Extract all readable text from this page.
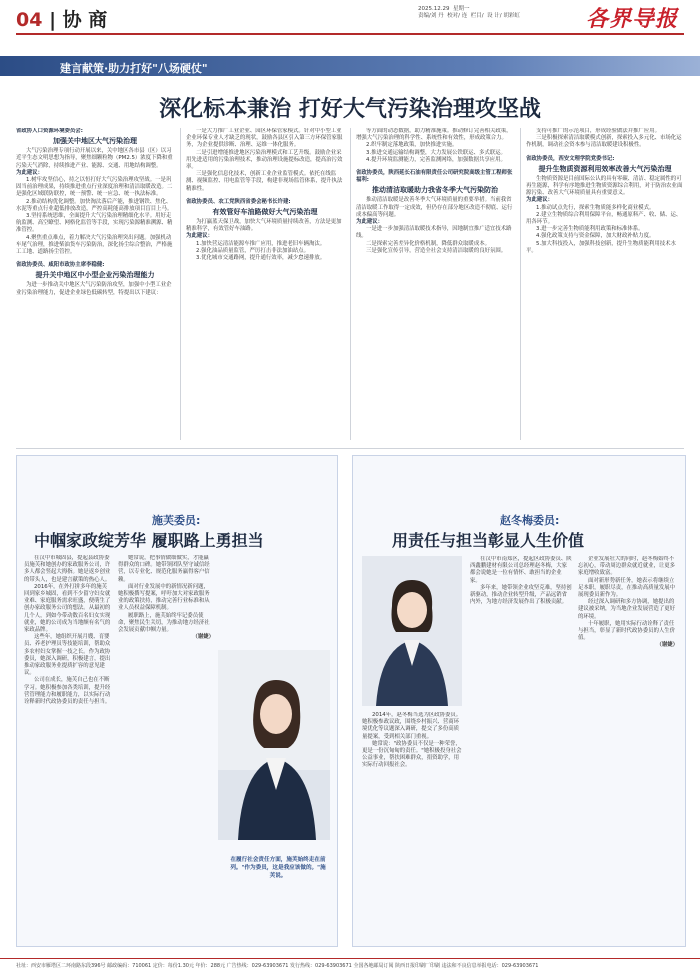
04 | 协 商	2025.12.29  星期一
责编/刘 丹  校对/ 连  栏目/  设 计/ 胡彩虹	各界导报
建言献策·助力打好"八场硬仗"
深化标本兼治 打好大气污染治理攻坚战
省政协人口资源环境委员会:
加强关中地区大气污染治理
大气污染治理专项行动开展以来，关中地区各市县（区）以习近平生态文明思想为指导，聚焦细颗粒物（PM2.5）浓度下降和重污染天气消除，持续推进产业、能源、交通、用地结构调整。
为此建议：
1.树牢攻坚信心，持之以恒打好大气污染治理攻坚战。一是巩固当前治理成果，持续推进重点行业深度治理和清洁取暖改造。二是强化区域联防联控，统一预警、统一应急、统一执法标准。
2.推动结构优化调整。加快淘汰落后产能，推进钢铁、焦化、水泥等重点行业超低排放改造，严控高耗能高排放项目盲目上马。
3.坚持系统思维，全面提升大气污染治理精细化水平。用好走航监测、高空瞭望、网格化监管等手段，实现污染源精准溯源、精准管控。
4.聚焦重点难点，着力解决大气污染治理突出问题。加强机动车尾气治理，推进柴油货车污染防治，深化扬尘综合整治，严格施工工地、道路扬尘管控。
省政协委员、咸阳市政协主席李稳健:
提升关中地区中小型企业污染治理能力
为进一步推动关中地区大气污染防治攻坚，加强中小型工业企业污染治理能力，促进企业绿色低碳转型，特提出以下建议：
一是大力推广工业企业、园区环保管家模式。针对中小型工业企业环保专业人才缺乏的现状，鼓励各县区引入第三方环保管家服务，为企业提供诊断、治理、运维一体化服务。
二是引进增能推进地区污染治理模式和工艺升级。鼓励企业采用先进适用的污染治理技术，推动治理设施提标改造，提高治污效率。
三是强化信息化技术，创新工业企业监管模式。依托在线监测、视频监控、用电监管等手段，构建非现场监管体系，提升执法精准性。
省政协委员、农工党陕西省委会秘书长许建:
有效管好车油路做好大气污染治理
为打赢蓝天保卫战，加快大气环境质量持续改善，方法是更加精准科学，有效管好车油路。
为此建议：
1.加快营运清洁能源车推广应用，推进老旧车辆淘汰。
2.强化油品质量监管，严厉打击非法加油站点。
3.优化城市交通路网，提升通行效率，减少怠速排放。
等方面的动态数据，助力精准施策。推动修订完善相关政策，增强大气污染治理的科学性、系统性和有效性，形成政策合力。
2.织牢制定落地政策，加快推进实施。
3.推进交通运输结构调整，大力发展公铁联运、多式联运。
4.提升环境监测能力，完善监测网络，加强数据共享应用。
省政协委员，陕西延长石油有限责任公司研究院高级主管工程师张福利:
推动清洁取暖助力我省冬季大气污染防治
推动清洁取暖是改善冬季大气环境质量的重要举措。当前我省清洁取暖工作取得一定成效，但仍存在部分地区改造不彻底、运行成本偏高等问题。
为此建议：
一是进一步加强清洁取暖技术指导，因地制宜推广适宜技术路线。
二是探索完善差异化价格机制，降低群众取暖成本。
三是强化宣传引导，营造全社会支持清洁取暖的良好氛围。
支持可推广的示范项目，形成经验做法并推广应用。
三是积极探索清洁取暖模式创新，探索投入多元化、市场化运作机制，调动社会资本参与清洁取暖建设积极性。
省政协委员，西安文理学院党委书记:
提升生物质资源利用效率改善大气污染治理
生物质资源是目前国际公认的具有零碳、清洁、稳定属性的可再生能源，科学有序地推进生物质资源综合利用，对于防治农业面源污染、改善大气环境质量具有重要意义。
为此建议：
1.推动试点先行，探索生物质能多样化商业模式。
2.建立生物质综合利用保障平台，畅通原料产、收、储、运、用各环节。
3.进一步完善生物质能利用政策和标准体系。
4.强化政策支持与资金保障，加大财政补贴力度。
5.加大科技投入，加强科技创新，提升生物质能利用技术水平。
施芙委员:
中帼家政绽芳华 履职路上勇担当
在汉中市城固县，提起县政协委员施芙和她创办的家政服务公司，许多人都会竖起大拇指。她是返乡创业的带头人，也是建言献策的热心人。
2016年，在外打拼多年的施芙回到家乡城固，看到不少留守妇女就业难、家庭服务需求旺盛，便萌生了创办家政服务公司的想法。从最初的几个人，到如今带动数百名妇女实现就业，她的公司成为当地颇有名气的家政品牌。
这些年，她组织开展月嫂、育婴员、养老护理员等技能培训，帮助众多农村妇女掌握一技之长。作为政协委员，她深入调研，积极建言，提出推动家政服务业提质扩容的意见建议。
公司在成长，施芙自己也在不断学习。她积极参加各类培训，提升经营管理能力和履职能力，以实际行动诠释新时代政协委员的责任与担当。
她常说，把事情做细做实，才能赢得群众的口碑。她带领团队坚守诚信经营，以专业化、规范化服务赢得客户信赖。
面对行业发展中的新情况新问题，她积极撰写提案，呼吁加大对家政服务业的政策扶持，推动完善行业标准和从业人员权益保障机制。
履职路上，施芙始终牢记委员使命，聚焦民生关切，为推动地方经济社会发展贡献巾帼力量。
（谢婕）
在履行社会责任方面，施芙始终走在前列。"作为委员，这是我应该做的。"施芙说。
赵冬梅委员:
用责任与担当彰显人生价值
2014年，赵冬梅当选为区政协委员。她积极参政议政，围绕乡村振兴、营商环境优化等议题深入调研，提交了多份高质量提案，受到相关部门重视。
她常说："政协委员不仅是一种荣誉，更是一份沉甸甸的责任。"她积极投身社会公益事业，帮扶困难群众，捐资助学，用实际行动回报社会。
在汉中市南郑区，提起区政协委员、陕西鑫鹏建材有限公司总经理赵冬梅，大家都会说她是一位有情怀、敢担当的企业家。
多年来，她带领企业攻坚克难，坚持创新驱动，推动企业转型升级，产品远销省内外，为地方经济发展作出了积极贡献。
企业发展壮大的同时，赵冬梅始终不忘初心，带动周边群众就近就业，让更多家庭增收致富。
面对新形势新任务，她表示将继续立足本职，履职尽责，在推动高质量发展中展现委员新作为。
经过深入调研和多方协调，她提出的建议被采纳，为当地企业发展营造了更好的环境。
十年履职，她用实际行动诠释了责任与担当，彰显了新时代政协委员的人生价值。
（谢婕）
社址：西安市雁塔区二环南路东段396号 邮政编码：710061 定价：每份1.30元 年价：288元 广告热线：029-63903671 发行热线：029-63903671 全国各地邮局订阅 陕西日报印刷厂印刷 违法和不良信息举报电话：029-63903671
